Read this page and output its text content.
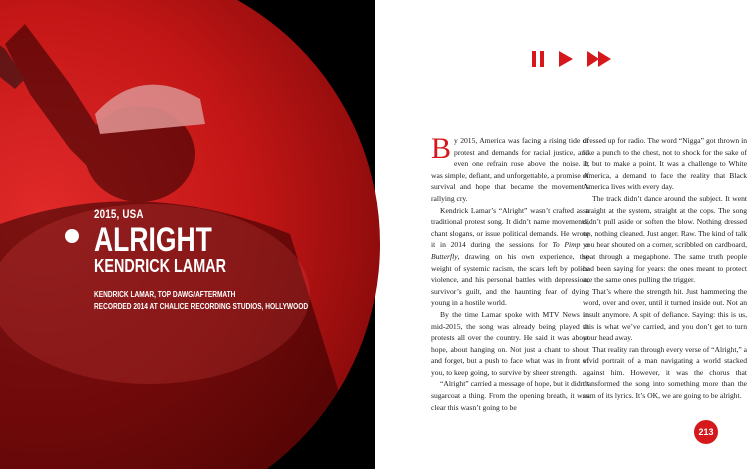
2015, USA
ALRIGHT
KENDRICK LAMAR
KENDRICK LAMAR, TOP DAWG/AFTERMATH
RECORDED 2014 AT CHALICE RECORDING STUDIOS, HOLLYWOOD

By 2015, America was facing a rising tide of protest and demands for racial justice, and even one refrain rose above the noise. It was simple, defiant, and unforgettable, a promise of survival and hope that became the movement’s rallying cry.

Kendrick Lamar’s “Alright” wasn’t crafted as a traditional protest song. It didn’t name movements, chant slogans, or issue political demands. He wrote it in 2014 during the sessions for To Pimp a Butterfly, drawing on his own experience, the weight of systemic racism, the scars left by police violence, and his personal battles with depression, survivor’s guilt, and the haunting fear of dying young in a hostile world.

By the time Lamar spoke with MTV News in mid-2015, the song was already being played at protests all over the country. He said it was about hope, about hanging on. Not just a chant to shout and forget, but a push to face what was in front of you, to keep going, to survive by sheer strength.

“Alright” carried a message of hope, but it didn’t sugarcoat a thing. From the opening breath, it was clear this wasn’t going to be

dressed up for radio. The word “Nigga” got thrown in like a punch to the chest, not to shock for the sake of it, but to make a point. It was a challenge to White America, a demand to face the reality that Black America lives with every day.

The track didn’t dance around the subject. It went straight at the system, straight at the cops. The song didn’t pull aside or soften the blow. Nothing dressed up, nothing cleaned. Just anger. Raw. The kind of talk you hear shouted on a corner, scribbled on cardboard, spat through a megaphone. The same truth people had been saying for years: the ones meant to protect are the same ones pulling the trigger.

That’s where the strength hit. Just hammering the word, over and over, until it turned inside out. Not an insult anymore. A spit of defiance. Saying: this is us, this is what we’ve carried, and you don’t get to turn your head away.

That reality ran through every verse of “Alright,” a vivid portrait of a man navigating a world stacked against him. However, it was the chorus that transformed the song into something more than the sum of its lyrics. It’s OK, we are going to be alright.

213
